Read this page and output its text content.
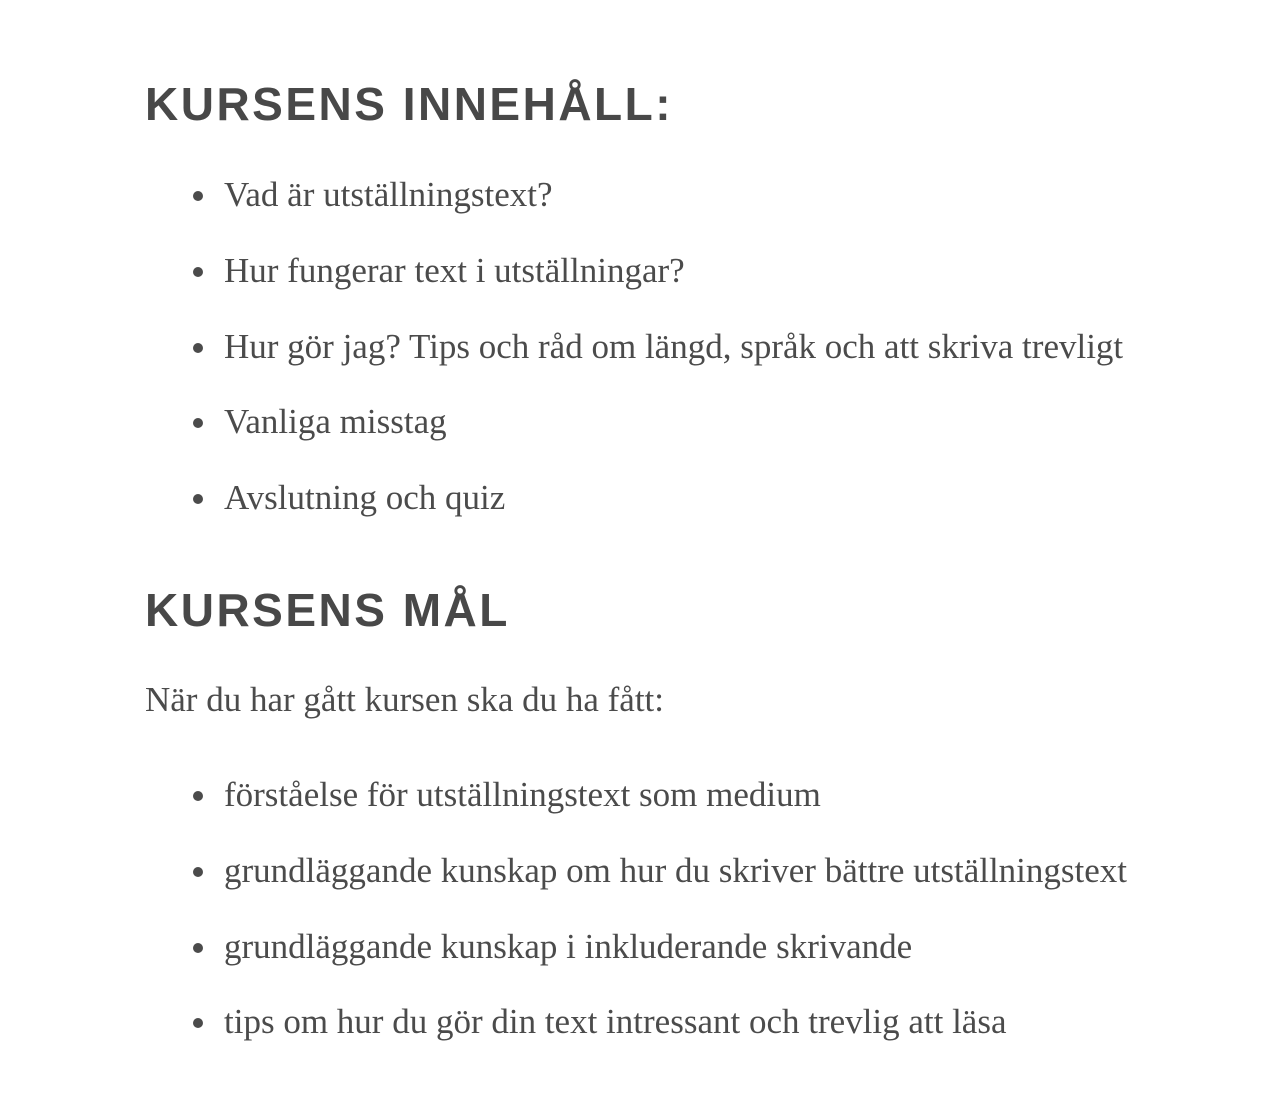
KURSENS INNEHÅLL:
Vad är utställningstext?
Hur fungerar text i utställningar?
Hur gör jag? Tips och råd om längd, språk och att skriva trevligt
Vanliga misstag
Avslutning och quiz
KURSENS MÅL

När du har gått kursen ska du ha fått:

förståelse för utställningstext som medium
grundläggande kunskap om hur du skriver bättre utställningstext
grundläggande kunskap i inkluderande skrivande
tips om hur du gör din text intressant och trevlig att läsa
